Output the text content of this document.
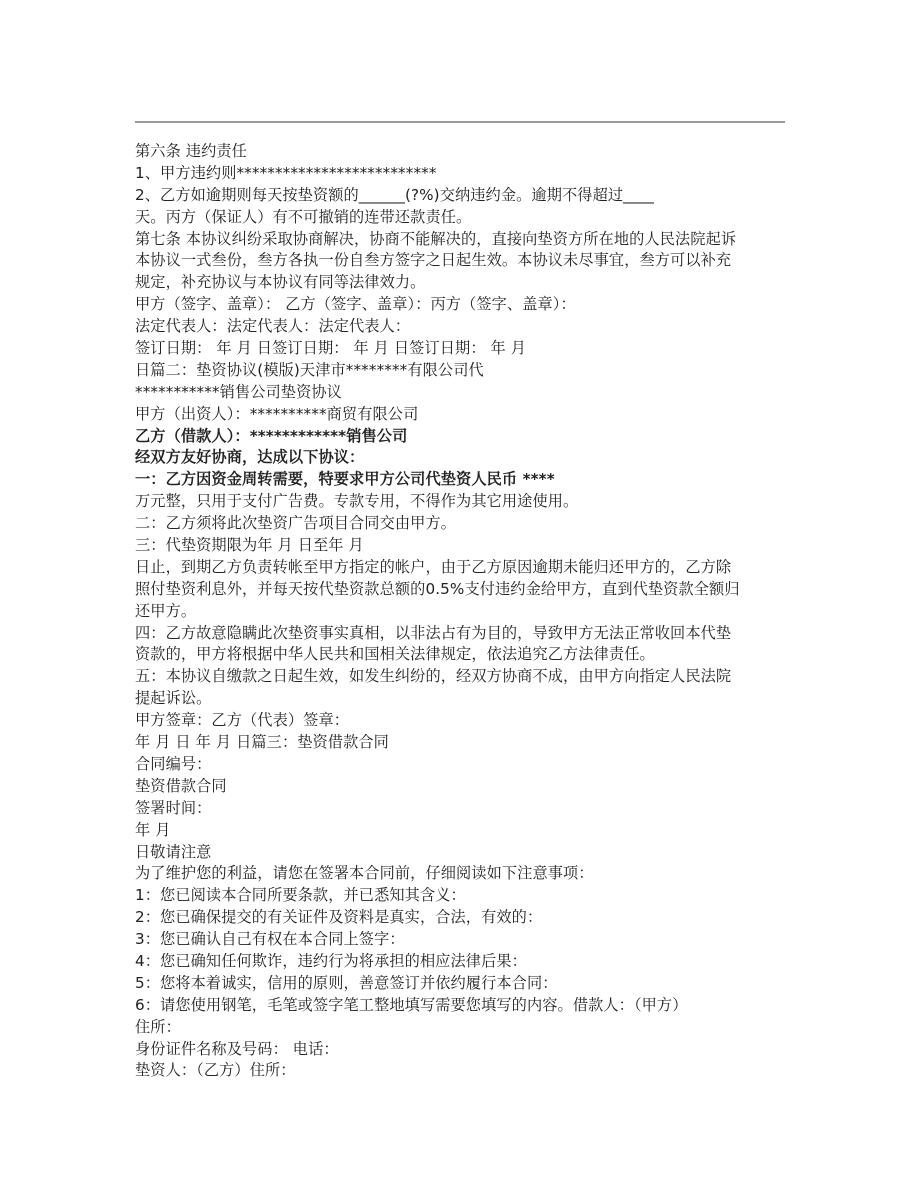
第六条 违约责任
1、甲方违约则**************************
2、乙方如逾期则每天按垫资额的______(?%)交纳违约金。逾期不得超过____
天。丙方（保证人）有不可撤销的连带还款责任。
第七条 本协议纠纷采取协商解决，协商不能解决的，直接向垫资方所在地的人民法院起诉
本协议一式叁份，叁方各执一份自叁方签字之日起生效。本协议未尽事宜，叁方可以补充
规定，补充协议与本协议有同等法律效力。
甲方（签字、盖章）： 乙方（签字、盖章）：丙方（签字、盖章）：
法定代表人：法定代表人：法定代表人：
签订日期： 年 月 日签订日期： 年 月 日签订日期： 年 月
日篇二：垫资协议(模版)天津市********有限公司代
***********销售公司垫资协议
甲方（出资人）：**********商贸有限公司
乙方（借款人）：************销售公司
经双方友好协商，达成以下协议：
一：乙方因资金周转需要，特要求甲方公司代垫资人民币 ****
万元整，只用于支付广告费。专款专用，不得作为其它用途使用。
二：乙方须将此次垫资广告项目合同交由甲方。
三：代垫资期限为年 月 日至年 月
日止，到期乙方负责转帐至甲方指定的帐户，由于乙方原因逾期未能归还甲方的，乙方除
照付垫资利息外，并每天按代垫资款总额的0.5%支付违约金给甲方，直到代垫资款全额归
还甲方。
四：乙方故意隐瞒此次垫资事实真相，以非法占有为目的，导致甲方无法正常收回本代垫
资款的，甲方将根据中华人民共和国相关法律规定，依法追究乙方法律责任。
五：本协议自缴款之日起生效，如发生纠纷的，经双方协商不成，由甲方向指定人民法院
提起诉讼。
甲方签章：乙方（代表）签章：
年 月 日 年 月 日篇三：垫资借款合同
合同编号：
垫资借款合同
签署时间：
年 月
日敬请注意
为了维护您的利益，请您在签署本合同前，仔细阅读如下注意事项：
1：您已阅读本合同所要条款，并已悉知其含义：
2：您已确保提交的有关证件及资料是真实，合法，有效的：
3：您已确认自己有权在本合同上签字：
4：您已确知任何欺诈，违约行为将承担的相应法律后果：
5：您将本着诚实，信用的原则，善意签订并依约履行本合同：
6：请您使用钢笔，毛笔或签字笔工整地填写需要您填写的内容。借款人：（甲方）
住所：
身份证件名称及号码： 电话：
垫资人：（乙方）住所：
